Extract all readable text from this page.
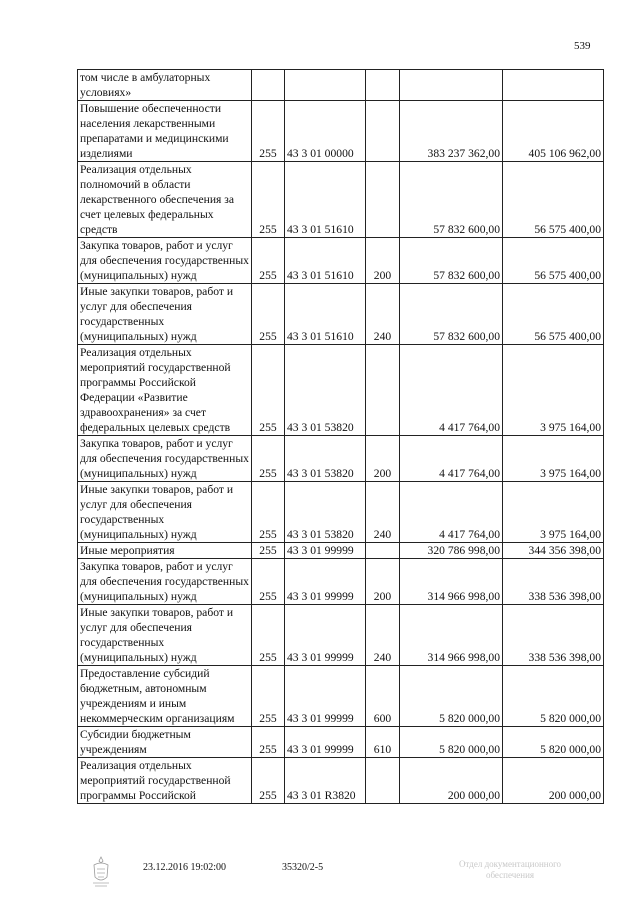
539
том числе в амбулаторных условиях»					
Повышение обеспеченности населения лекарственными препаратами и медицинскими изделиями	255	43 3 01 00000		383 237 362,00	405 106 962,00
Реализация отдельных полномочий в области лекарственного обеспечения за счет целевых федеральных средств	255	43 3 01 51610		57 832 600,00	56 575 400,00
Закупка товаров, работ и услуг для обеспечения государственных (муниципальных) нужд	255	43 3 01 51610	200	57 832 600,00	56 575 400,00
Иные закупки товаров, работ и услуг для обеспечения государственных (муниципальных) нужд	255	43 3 01 51610	240	57 832 600,00	56 575 400,00
Реализация отдельных мероприятий государственной программы Российской Федерации «Развитие здравоохранения» за счет федеральных целевых средств	255	43 3 01 53820		4 417 764,00	3 975 164,00
Закупка товаров, работ и услуг для обеспечения государственных (муниципальных) нужд	255	43 3 01 53820	200	4 417 764,00	3 975 164,00
Иные закупки товаров, работ и услуг для обеспечения государственных (муниципальных) нужд	255	43 3 01 53820	240	4 417 764,00	3 975 164,00
Иные мероприятия	255	43 3 01 99999		320 786 998,00	344 356 398,00
Закупка товаров, работ и услуг для обеспечения государственных (муниципальных) нужд	255	43 3 01 99999	200	314 966 998,00	338 536 398,00
Иные закупки товаров, работ и услуг для обеспечения государственных (муниципальных) нужд	255	43 3 01 99999	240	314 966 998,00	338 536 398,00
Предоставление субсидий бюджетным, автономным учреждениям и иным некоммерческим организациям	255	43 3 01 99999	600	5 820 000,00	5 820 000,00
Субсидии бюджетным учреждениям	255	43 3 01 99999	610	5 820 000,00	5 820 000,00
Реализация отдельных мероприятий государственной программы Российской	255	43 3 01 R3820		200 000,00	200 000,00
23.12.2016 19:02:00	35320/2-5	Отдел документационного обеспечения
